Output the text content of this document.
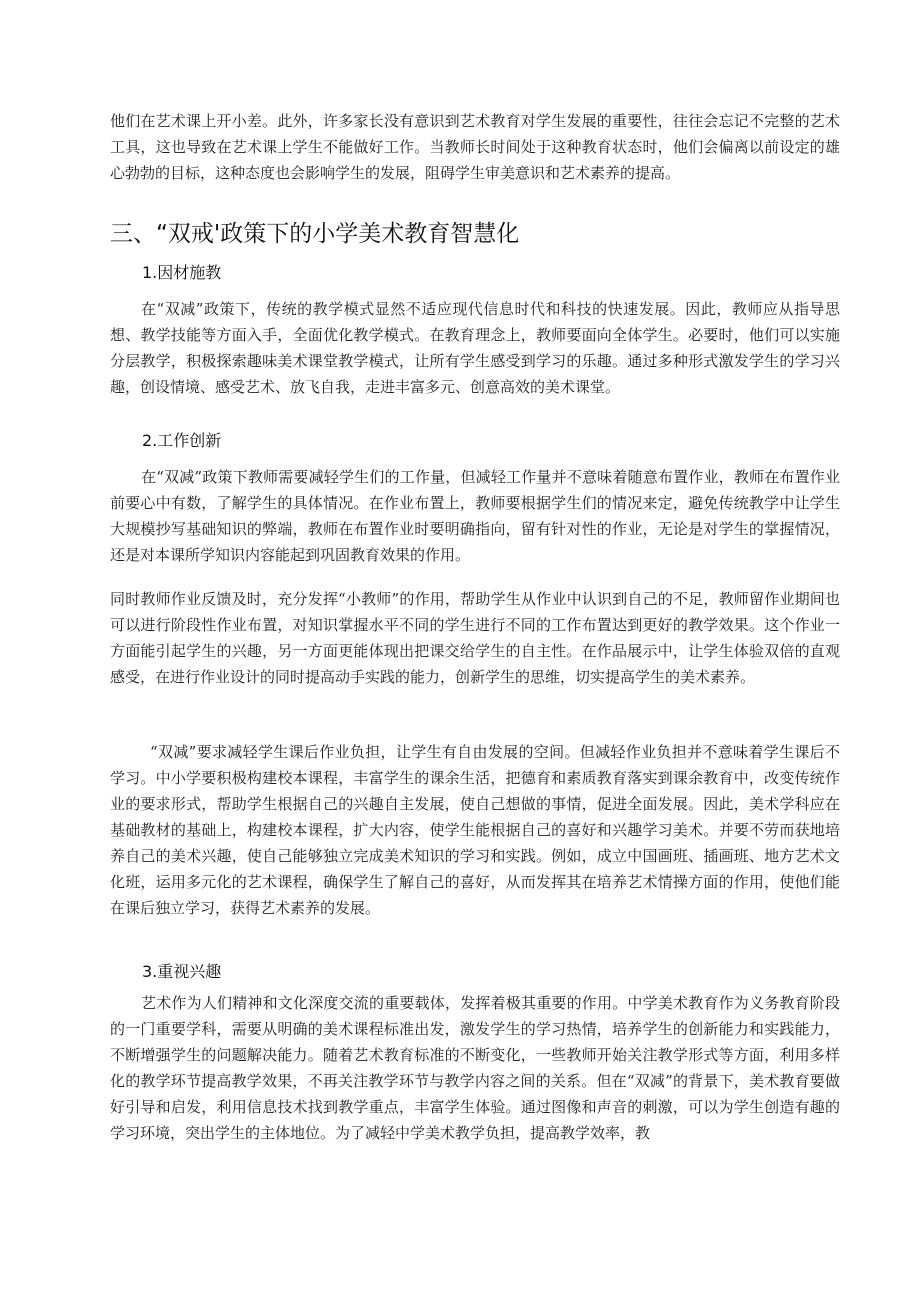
他们在艺术课上开小差。此外，许多家长没有意识到艺术教育对学生发展的重要性，往往会忘记不完整的艺术工具，这也导致在艺术课上学生不能做好工作。当教师长时间处于这种教育状态时，他们会偏离以前设定的雄心勃勃的目标，这种态度也会影响学生的发展，阻碍学生审美意识和艺术素养的提高。

三、“双戒'政策下的小学美术教育智慧化
1.因材施教

在“双减”政策下，传统的教学模式显然不适应现代信息时代和科技的快速发展。因此，教师应从指导思想、教学技能等方面入手，全面优化教学模式。在教育理念上，教师要面向全体学生。必要时，他们可以实施分层教学，积极探索趣味美术课堂教学模式，让所有学生感受到学习的乐趣。通过多种形式激发学生的学习兴趣，创设情境、感受艺术、放飞自我，走进丰富多元、创意高效的美术课堂。

2.工作创新

在“双减”政策下教师需要减轻学生们的工作量，但减轻工作量并不意味着随意布置作业，教师在布置作业前要心中有数，了解学生的具体情况。在作业布置上，教师要根据学生们的情况来定，避免传统教学中让学生大规模抄写基础知识的弊端，教师在布置作业时要明确指向，留有针对性的作业，无论是对学生的掌握情况，还是对本课所学知识内容能起到巩固教育效果的作用。

同时教师作业反馈及时，充分发挥“小教师”的作用，帮助学生从作业中认识到自己的不足，教师留作业期间也可以进行阶段性作业布置，对知识掌握水平不同的学生进行不同的工作布置达到更好的教学效果。这个作业一方面能引起学生的兴趣，另一方面更能体现出把课交给学生的自主性。在作品展示中，让学生体验双倍的直观感受，在进行作业设计的同时提高动手实践的能力，创新学生的思维，切实提高学生的美术素养。

“双减”要求减轻学生课后作业负担，让学生有自由发展的空间。但减轻作业负担并不意味着学生课后不学习。中小学要积极构建校本课程，丰富学生的课余生活，把德育和素质教育落实到课余教育中，改变传统作业的要求形式，帮助学生根据自己的兴趣自主发展，使自己想做的事情，促进全面发展。因此，美术学科应在基础教材的基础上，构建校本课程，扩大内容，使学生能根据自己的喜好和兴趣学习美术。并要不劳而获地培养自己的美术兴趣，使自己能够独立完成美术知识的学习和实践。例如，成立中国画班、插画班、地方艺术文化班，运用多元化的艺术课程，确保学生了解自己的喜好，从而发挥其在培养艺术情操方面的作用，使他们能在课后独立学习，获得艺术素养的发展。

3.重视兴趣

艺术作为人们精神和文化深度交流的重要载体，发挥着极其重要的作用。中学美术教育作为义务教育阶段的一门重要学科，需要从明确的美术课程标准出发，激发学生的学习热情，培养学生的创新能力和实践能力，不断增强学生的问题解决能力。随着艺术教育标准的不断变化，一些教师开始关注教学形式等方面，利用多样化的教学环节提高教学效果，不再关注教学环节与教学内容之间的关系。但在“双减”的背景下，美术教育要做好引导和启发，利用信息技术找到教学重点，丰富学生体验。通过图像和声音的刺激，可以为学生创造有趣的学习环境，突出学生的主体地位。为了减轻中学美术教学负担，提高教学效率，教
